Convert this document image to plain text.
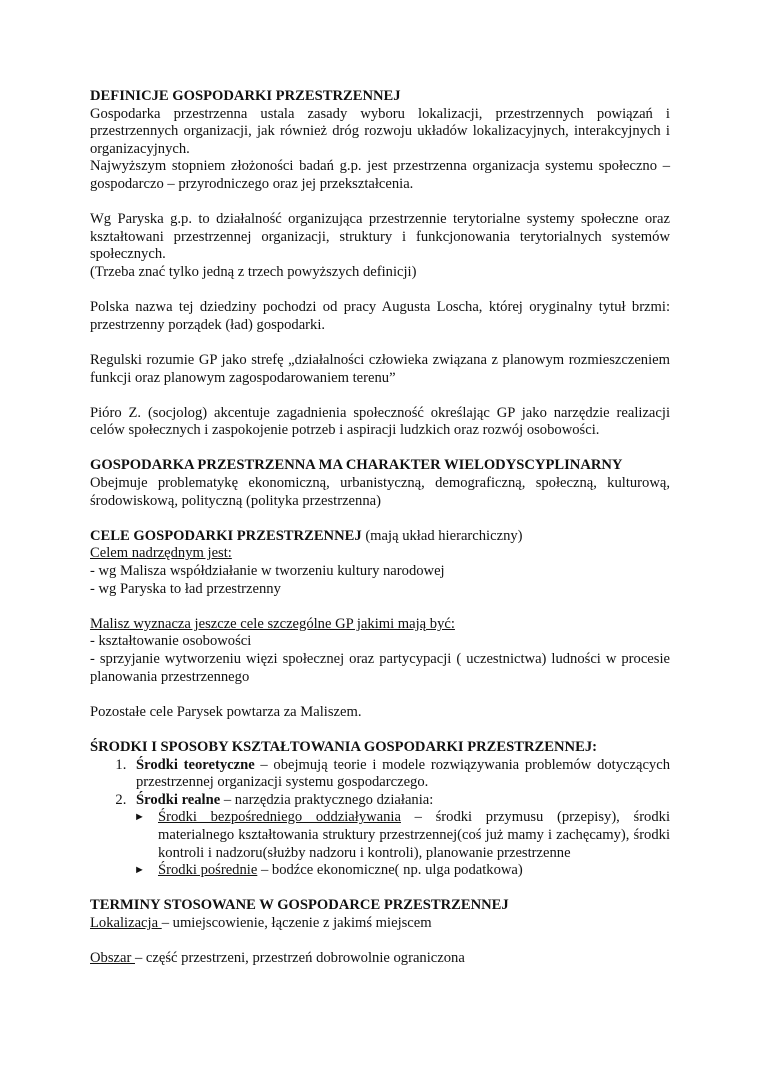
DEFINICJE GOSPODARKI PRZESTRZENNEJ

Gospodarka przestrzenna ustala zasady wyboru lokalizacji, przestrzennych powiązań i przestrzennych organizacji, jak również dróg rozwoju układów lokalizacyjnych, interakcyjnych i organizacyjnych.

Najwyższym stopniem złożoności badań g.p. jest przestrzenna organizacja systemu społeczno – gospodarczo – przyrodniczego oraz jej przekształcenia.

Wg Paryska g.p. to działalność organizująca przestrzennie terytorialne systemy społeczne oraz kształtowani przestrzennej organizacji, struktury i funkcjonowania terytorialnych systemów społecznych.

(Trzeba znać tylko jedną z trzech powyższych definicji)

Polska nazwa tej dziedziny pochodzi od pracy Augusta Loscha, której oryginalny tytuł brzmi: przestrzenny porządek (ład) gospodarki.

Regulski rozumie GP jako strefę „działalności człowieka związana z planowym rozmieszczeniem funkcji oraz planowym zagospodarowaniem terenu”

Pióro Z. (socjolog) akcentuje zagadnienia społeczność określając GP jako narzędzie realizacji celów społecznych i zaspokojenie potrzeb i aspiracji ludzkich oraz rozwój osobowości.

GOSPODARKA PRZESTRZENNA MA CHARAKTER WIELODYSCYPLINARNY

Obejmuje problematykę ekonomiczną, urbanistyczną, demograficzną, społeczną, kulturową, środowiskową, polityczną (polityka przestrzenna)

CELE GOSPODARKI PRZESTRZENNEJ (mają układ hierarchiczny)

Celem nadrzędnym jest:

- wg Malisza współdziałanie w tworzeniu kultury narodowej

- wg Paryska to ład przestrzenny

Malisz wyznacza jeszcze cele szczególne GP jakimi mają być:

- kształtowanie osobowości

- sprzyjanie wytworzeniu więzi społecznej oraz partycypacji ( uczestnictwa) ludności w procesie planowania przestrzennego

Pozostałe cele Parysek powtarza za Maliszem.

ŚRODKI I SPOSOBY KSZTAŁTOWANIA GOSPODARKI PRZESTRZENNEJ:

1. Środki teoretyczne – obejmują teorie i modele rozwiązywania problemów dotyczących przestrzennej organizacji systemu gospodarczego.
2. Środki realne – narzędzia praktycznego działania:
► Środki bezpośredniego oddziaływania – środki przymusu (przepisy), środki materialnego kształtowania struktury przestrzennej(coś już mamy i zachęcamy), środki kontroli i nadzoru(służby nadzoru i kontroli), planowanie przestrzenne
► Środki pośrednie – bodźce ekonomiczne( np. ulga podatkowa)

TERMINY STOSOWANE W GOSPODARCE PRZESTRZENNEJ

Lokalizacja – umiejscowienie, łączenie z jakimś miejscem

Obszar – część przestrzeni, przestrzeń dobrowolnie ograniczona
